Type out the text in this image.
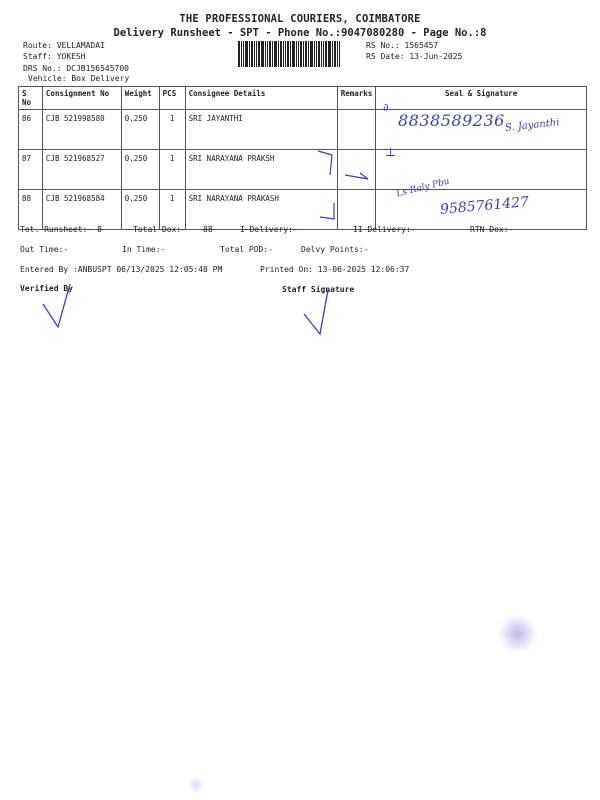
THE PROFESSIONAL COURIERS, COIMBATORE
Delivery Runsheet - SPT - Phone No.:9047080280 - Page No.:8
Route: VELLAMADAI
Staff: YOKESH
DRS No.: DCJB156545700
Vehicle: Box Delivery
RS No.: 1565457
RS Date: 13-Jun-2025
S No	Consignment No	Weight	PCS	Consignee Details	Remarks	Seal & Signature
86	CJB 521998580	0.250	1	SRI JAYANTHI		
87	CJB 521968527	0.250	1	SRI NARAYANA PRAKSH		
88	CJB 521968584	0.250	1	SRI NARAYANA PRAKASH		
∂
8838589236 S. Jayanthi
⊥
Ls Raly Pbu
9585761427
Tot. Runsheet:- 8	Total Dox:- 88	I Delivery:-	II Delivery:-	RTN Dox:-
Out Time:-	In Time:-	Total POD:-	Delvy Points:-
Entered By :ANBUSPT 06/13/2025 12:05:48 PM	Printed On: 13-06-2025 12:06:37
Verified By	Staff Signature
